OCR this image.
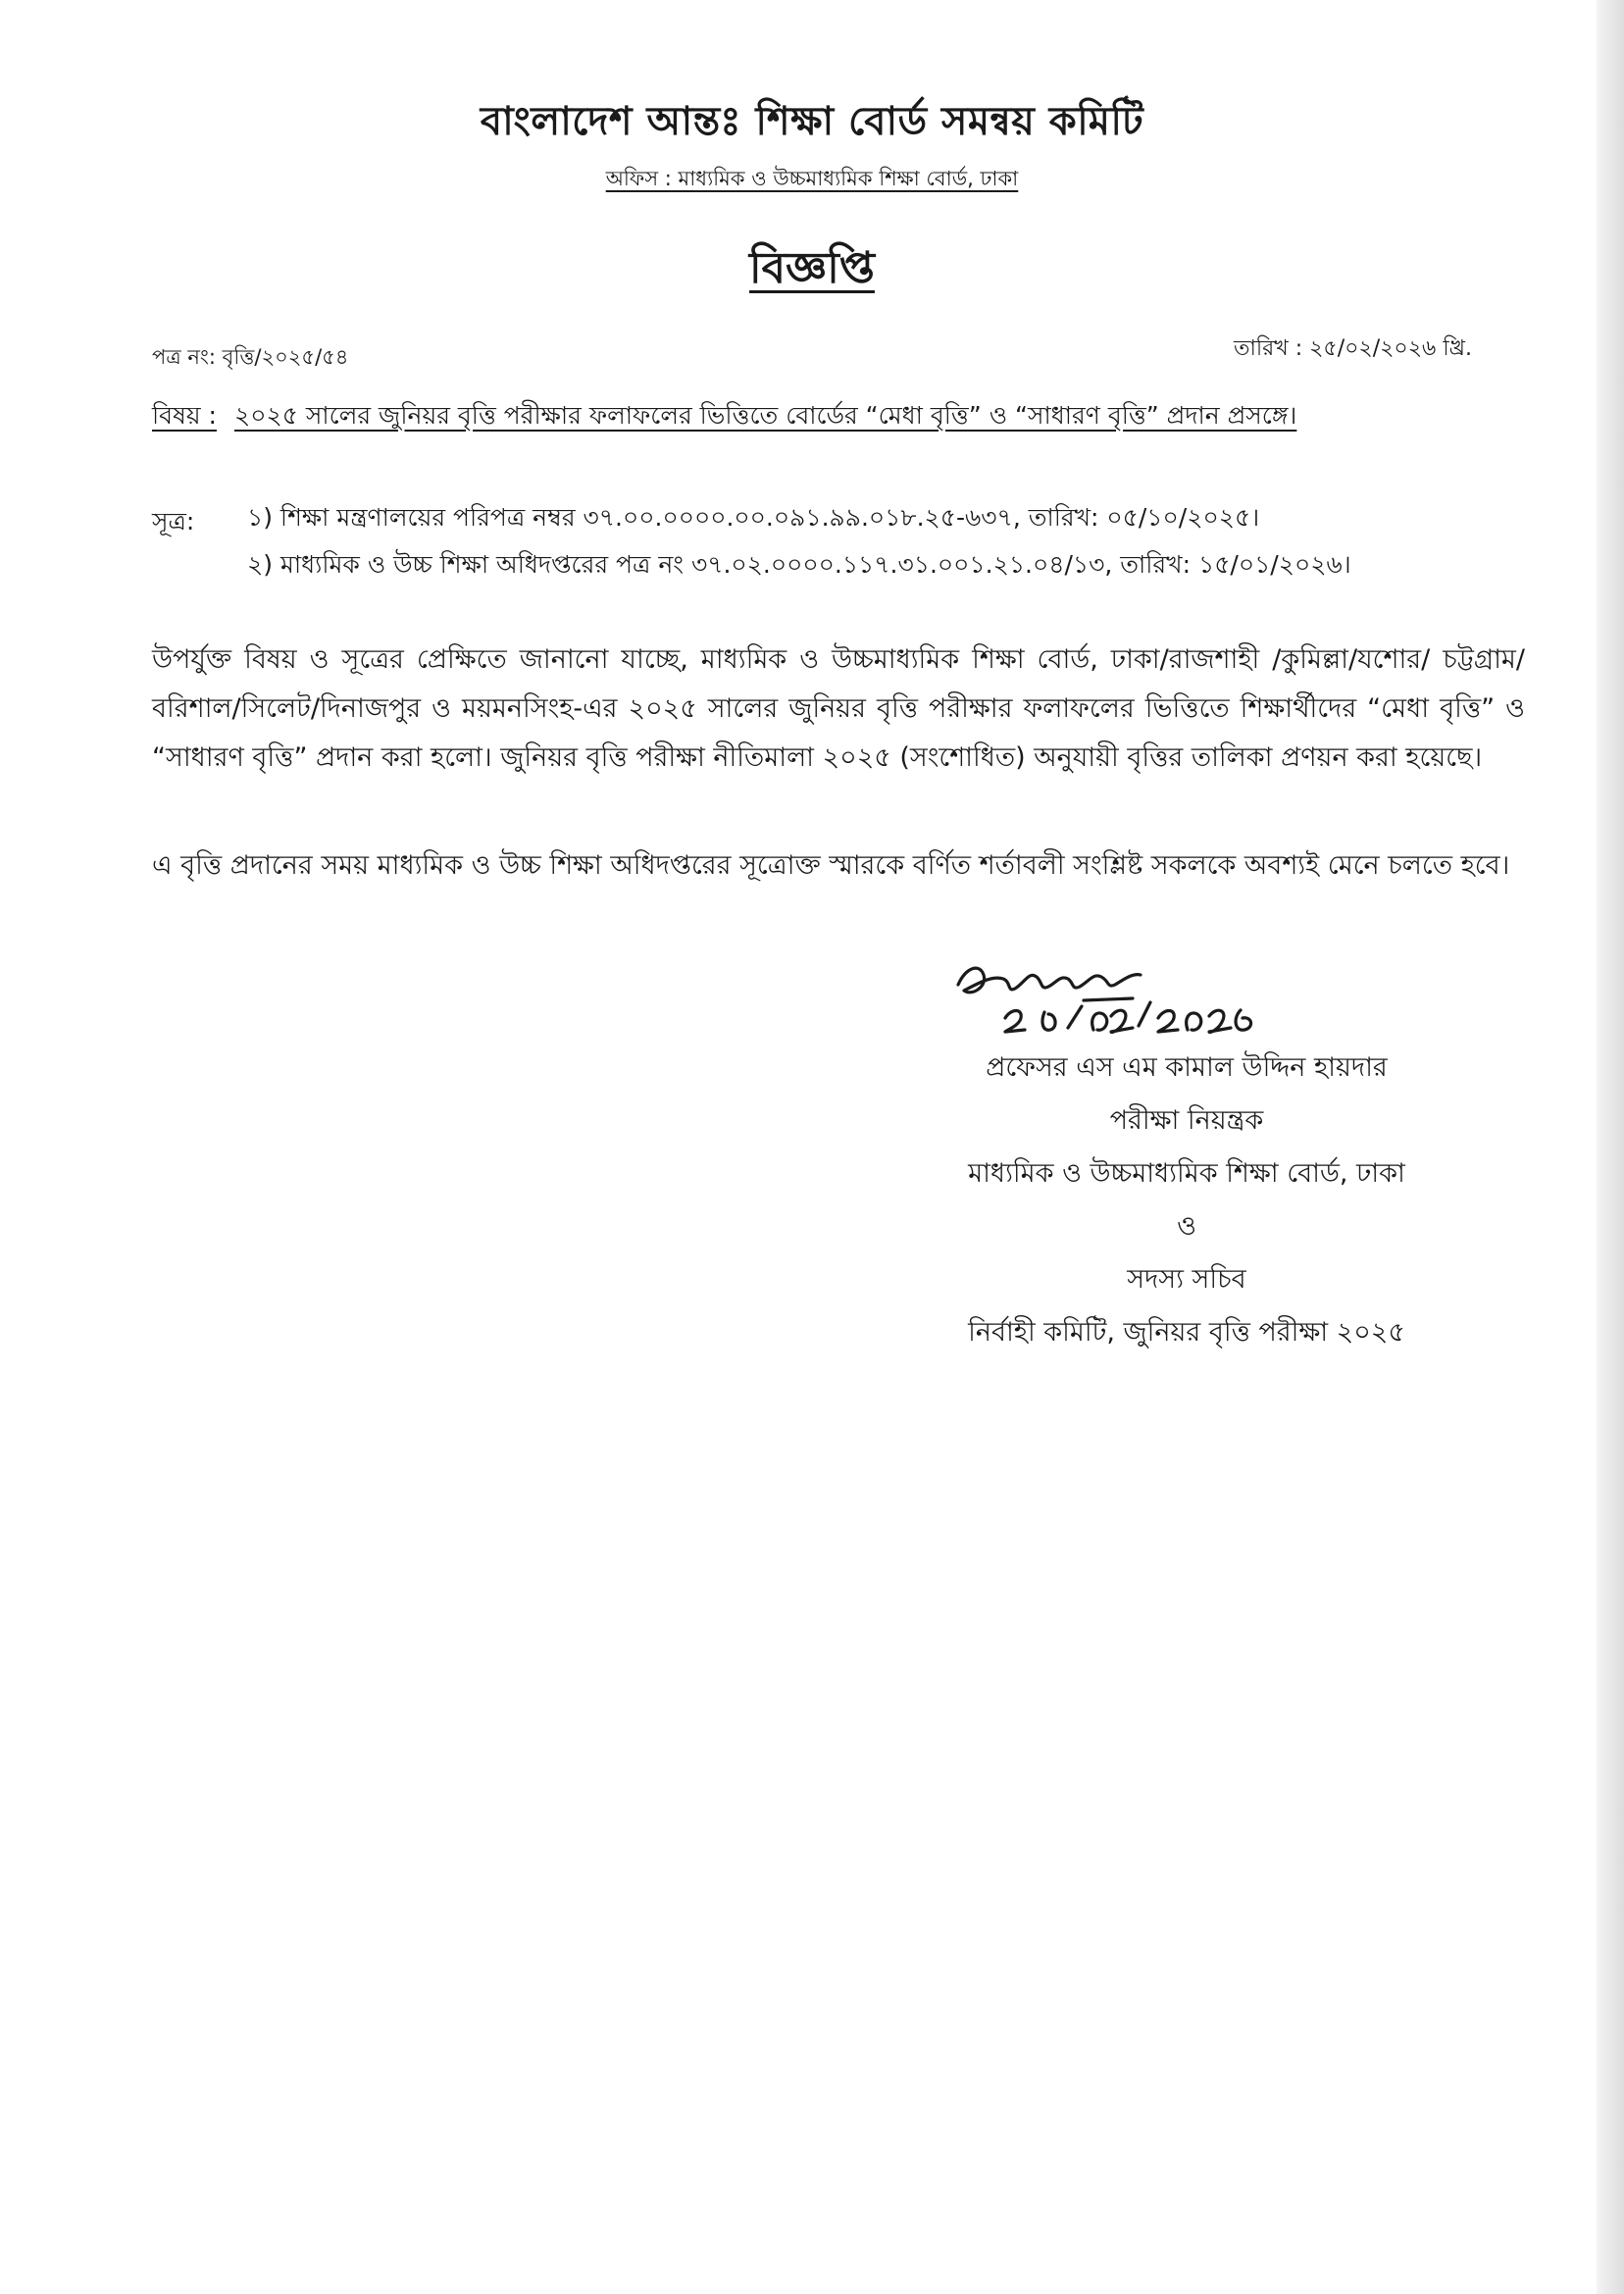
বাংলাদেশ আন্তঃ শিক্ষা বোর্ড সমন্বয় কমিটি
অফিস : মাধ্যমিক ও উচ্চমাধ্যমিক শিক্ষা বোর্ড, ঢাকা
বিজ্ঞপ্তি
পত্র নং: বৃত্তি/২০২৫/৫৪	তারিখ : ২৫/০২/২০২৬ খ্রি.
বিষয় : ২০২৫ সালের জুনিয়র বৃত্তি পরীক্ষার ফলাফলের ভিত্তিতে বোর্ডের “মেধা বৃত্তি” ও “সাধারণ বৃত্তি” প্রদান প্রসঙ্গে।
সূত্র: ১) শিক্ষা মন্ত্রণালয়ের পরিপত্র নম্বর ৩৭.০০.০০০০.০০.০৯১.৯৯.০১৮.২৫-৬৩৭, তারিখ: ০৫/১০/২০২৫।
২) মাধ্যমিক ও উচ্চ শিক্ষা অধিদপ্তরের পত্র নং ৩৭.০২.০০০০.১১৭.৩১.০০১.২১.০৪/১৩, তারিখ: ১৫/০১/২০২৬।
উপর্যুক্ত বিষয় ও সূত্রের প্রেক্ষিতে জানানো যাচ্ছে, মাধ্যমিক ও উচ্চমাধ্যমিক শিক্ষা বোর্ড, ঢাকা/রাজশাহী /কুমিল্লা/যশোর/ চট্টগ্রাম/বরিশাল/সিলেট/দিনাজপুর ও ময়মনসিংহ-এর ২০২৫ সালের জুনিয়র বৃত্তি পরীক্ষার ফলাফলের ভিত্তিতে শিক্ষার্থীদের “মেধা বৃত্তি” ও “সাধারণ বৃত্তি” প্রদান করা হলো। জুনিয়র বৃত্তি পরীক্ষা নীতিমালা ২০২৫ (সংশোধিত) অনুযায়ী বৃত্তির তালিকা প্রণয়ন করা হয়েছে।
এ বৃত্তি প্রদানের সময় মাধ্যমিক ও উচ্চ শিক্ষা অধিদপ্তরের সূত্রোক্ত স্মারকে বর্ণিত শর্তাবলী সংশ্লিষ্ট সকলকে অবশ্যই মেনে চলতে হবে।
প্রফেসর এস এম কামাল উদ্দিন হায়দার
পরীক্ষা নিয়ন্ত্রক
মাধ্যমিক ও উচ্চমাধ্যমিক শিক্ষা বোর্ড, ঢাকা
ও
সদস্য সচিব
নির্বাহী কমিটি, জুনিয়র বৃত্তি পরীক্ষা ২০২৫
